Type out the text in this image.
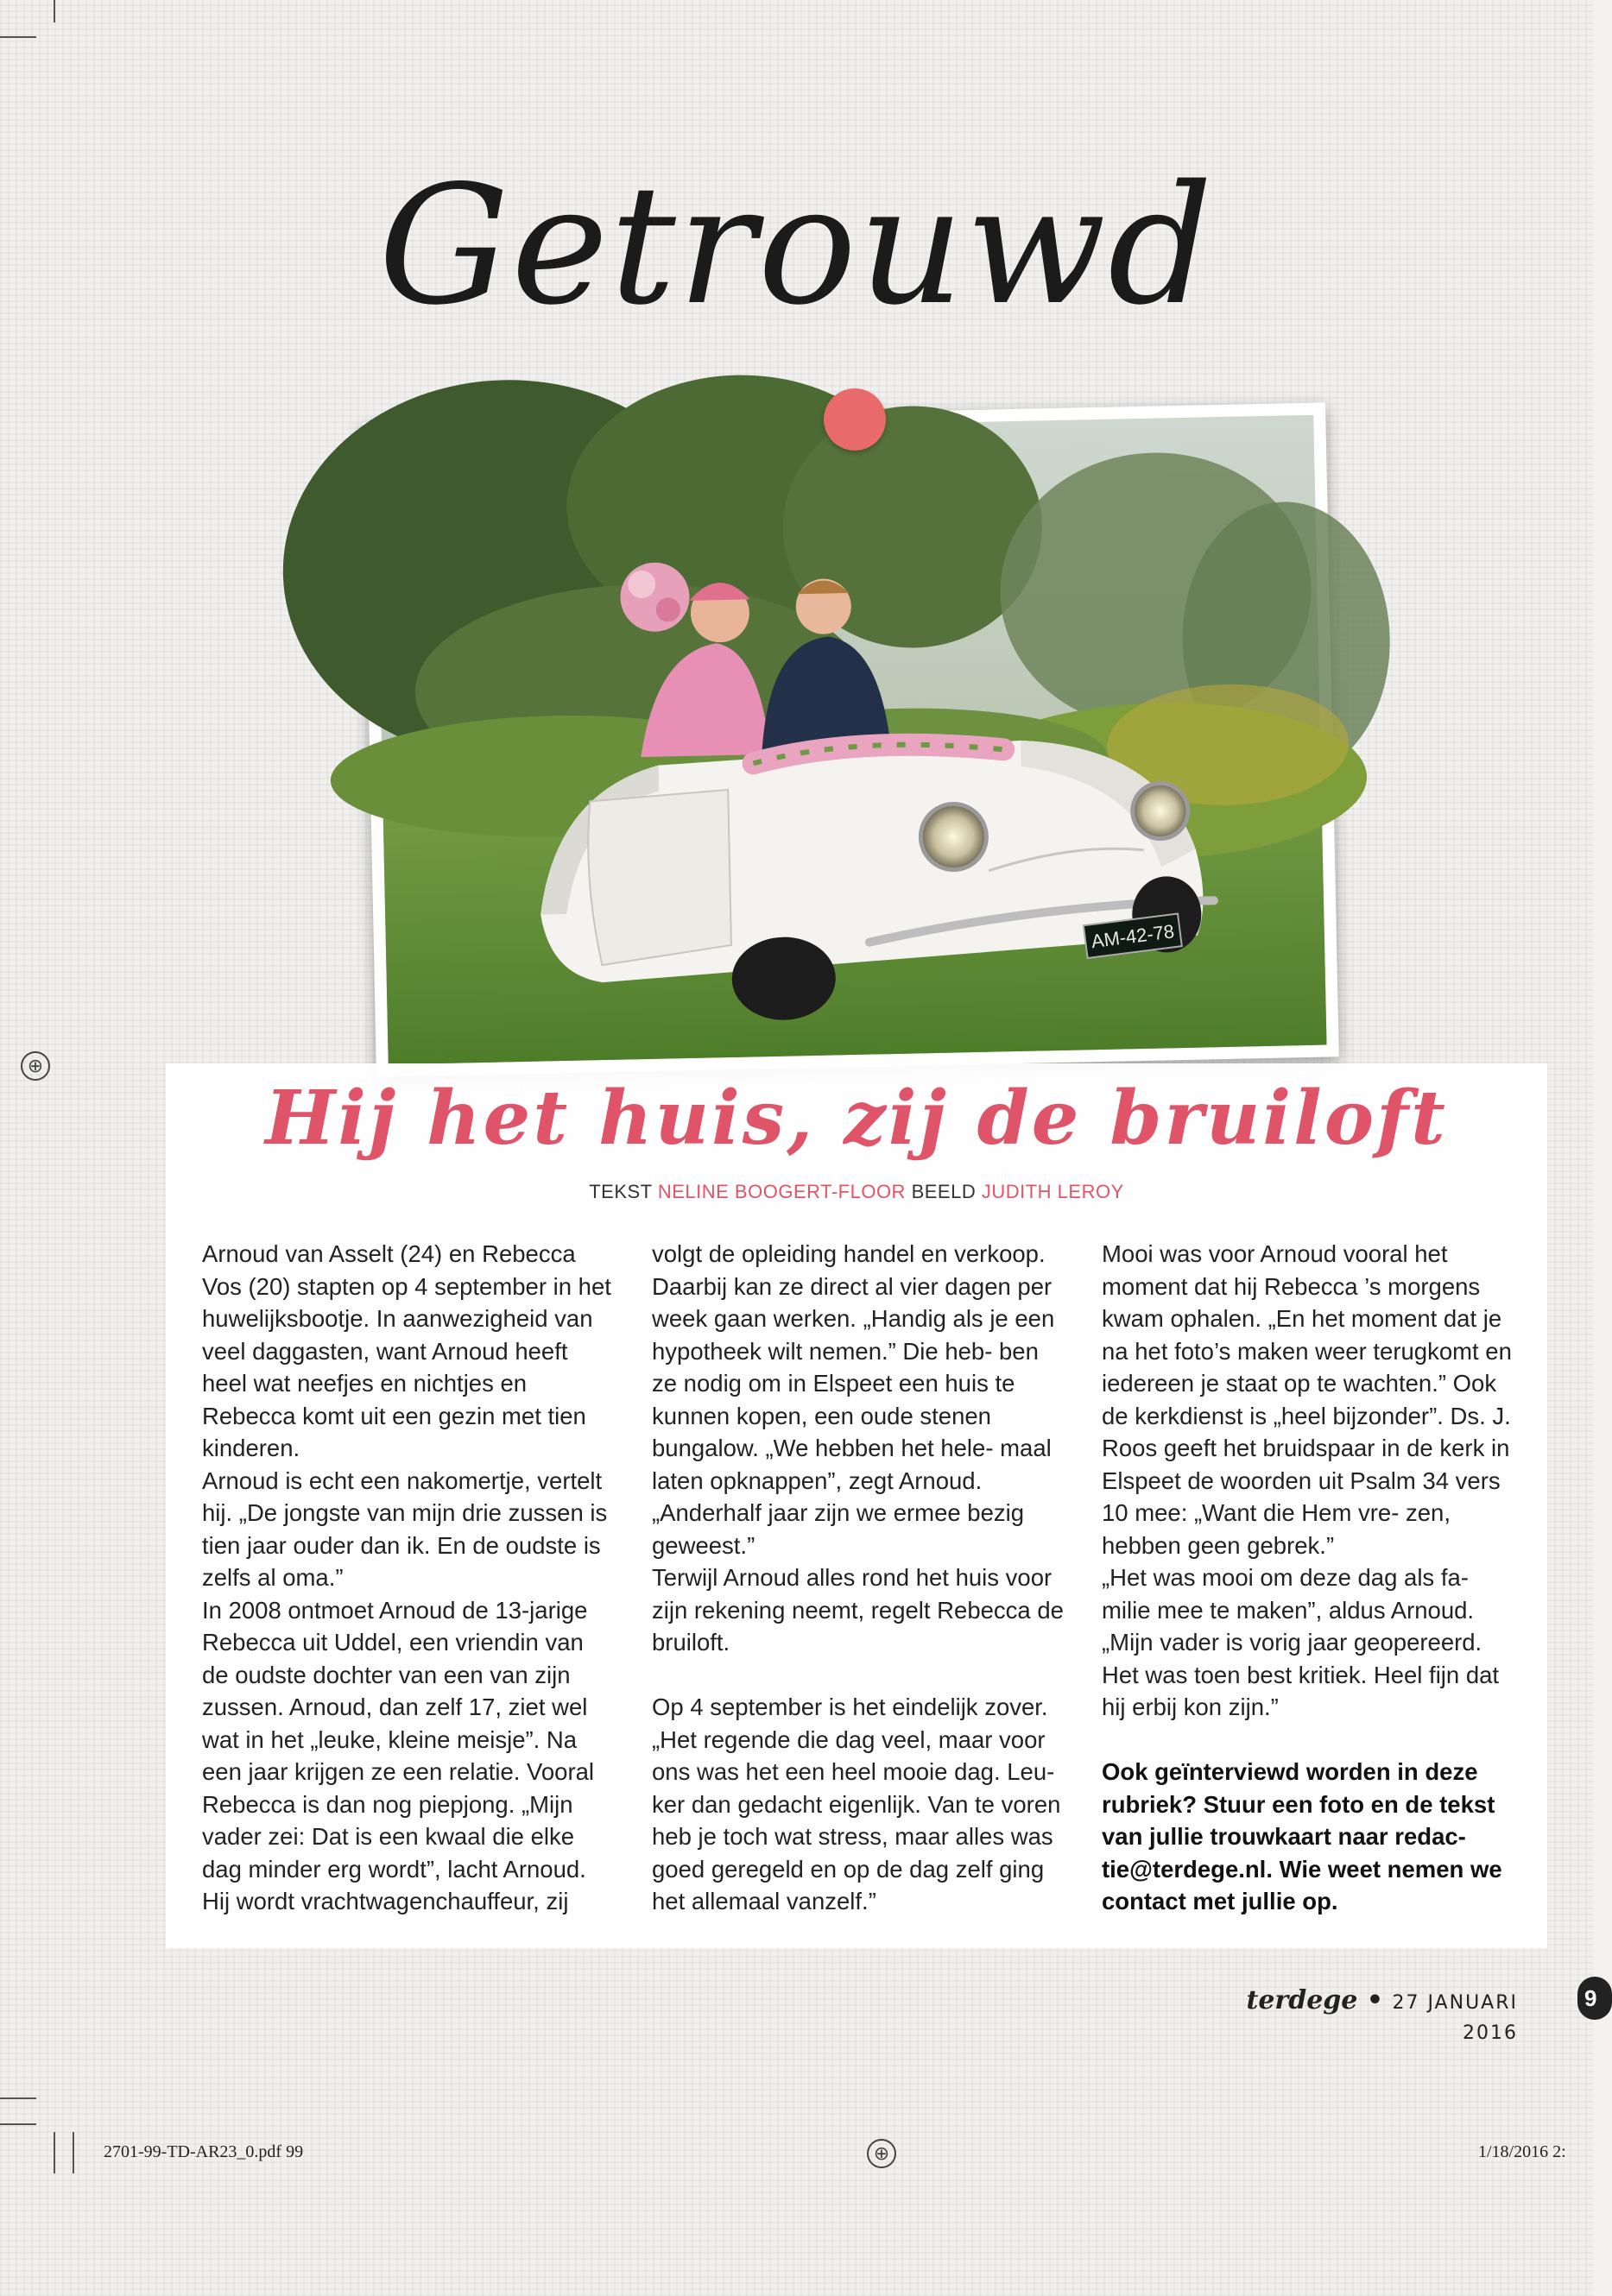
⊕
⊕
Getrouwd
AM-42-78
Hij het huis, zij de bruiloft
TEKST NELINE BOOGERT-FLOOR BEELD JUDITH LEROY

Arnoud van Asselt (24) en Rebecca Vos (20) stapten op 4 september in het huwelijksbootje. In aanwezigheid van veel daggasten, want Arnoud heeft heel wat neefjes en nichtjes en Rebecca komt uit een gezin met tien kinderen.

Arnoud is echt een nakomertje, vertelt hij. „De jongste van mijn drie zussen is tien jaar ouder dan ik. En de oudste is zelfs al oma.”

In 2008 ontmoet Arnoud de 13-jarige Rebecca uit Uddel, een vriendin van de oudste dochter van een van zijn zussen. Arnoud, dan zelf 17, ziet wel wat in het „leuke, kleine meisje”. Na een jaar krijgen ze een relatie. Vooral Rebecca is dan nog piepjong. „Mijn vader zei: Dat is een kwaal die elke dag minder erg wordt”, lacht Arnoud. Hij wordt vrachtwagenchauffeur, zij

volgt de opleiding handel en verkoop. Daarbij kan ze direct al vier dagen per week gaan werken. „Handig als je een hypotheek wilt nemen.” Die heb- ben ze nodig om in Elspeet een huis te kunnen kopen, een oude stenen bungalow. „We hebben het hele- maal laten opknappen”, zegt Arnoud. „Anderhalf jaar zijn we ermee bezig geweest.”

Terwijl Arnoud alles rond het huis voor zijn rekening neemt, regelt Rebecca de bruiloft.

Op 4 september is het eindelijk zover. „Het regende die dag veel, maar voor ons was het een heel mooie dag. Leu- ker dan gedacht eigenlijk. Van te voren heb je toch wat stress, maar alles was goed geregeld en op de dag zelf ging het allemaal vanzelf.”

Mooi was voor Arnoud vooral het moment dat hij Rebecca ’s morgens kwam ophalen. „En het moment dat je na het foto’s maken weer terugkomt en iedereen je staat op te wachten.” Ook de kerkdienst is „heel bijzonder”. Ds. J. Roos geeft het bruidspaar in de kerk in Elspeet de woorden uit Psalm 34 vers 10 mee: „Want die Hem vre- zen, hebben geen gebrek.”

„Het was mooi om deze dag als fa- milie mee te maken”, aldus Arnoud. „Mijn vader is vorig jaar geopereerd. Het was toen best kritiek. Heel fijn dat hij erbij kon zijn.”

Ook geïnterviewd worden in deze rubriek? Stuur een foto en de tekst van jullie trouwkaart naar redac- tie@terdege.nl. Wie weet nemen we contact met jullie op.

terdege • 27 JANUARI 2016
9
2701-99-TD-AR23_0.pdf 99	1/18/2016 2:
